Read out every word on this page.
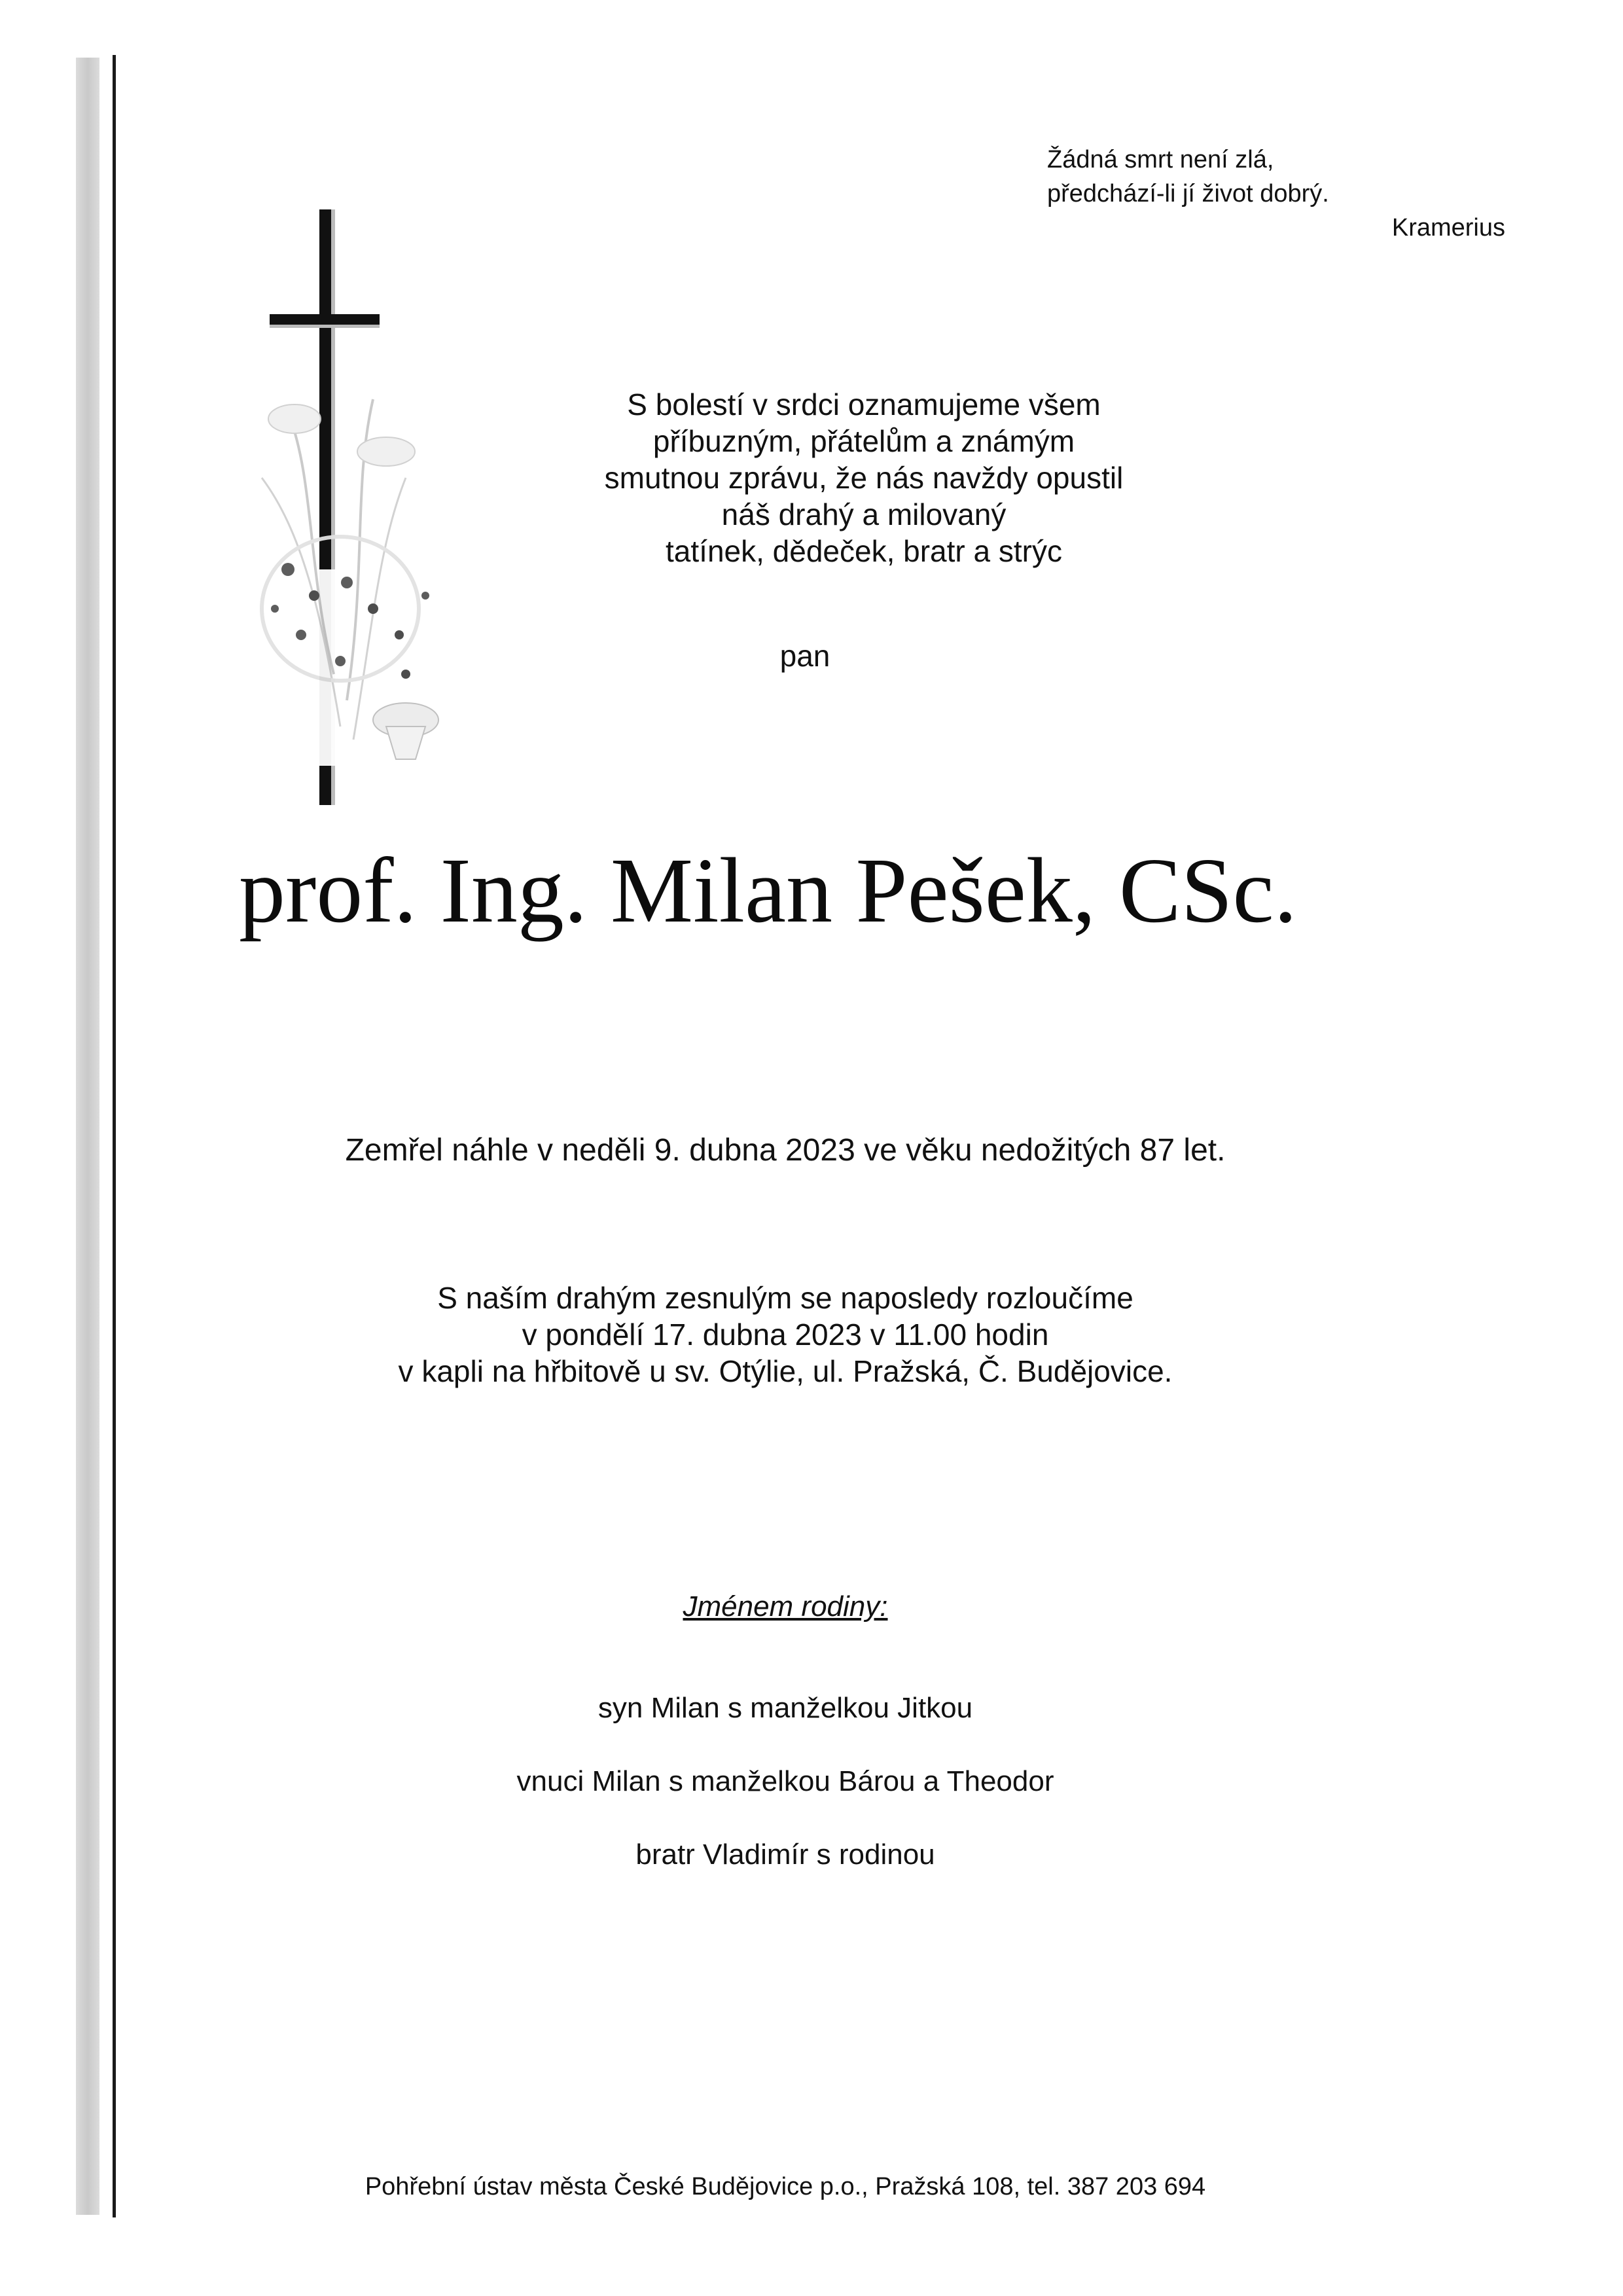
Žádná smrt není zlá,
předchází-li jí život dobrý.
Kramerius
S bolestí v srdci oznamujeme všem
příbuzným, přátelům a známým
smutnou zprávu, že nás navždy opustil
náš drahý a milovaný
tatínek, dědeček, bratr a strýc
pan
prof. Ing. Milan Pešek, CSc.
Zemřel náhle v neděli 9. dubna 2023 ve věku nedožitých 87 let.
S naším drahým zesnulým se naposledy rozloučíme
v pondělí 17. dubna 2023 v 11.00 hodin
v kapli na hřbitově u sv. Otýlie, ul. Pražská, Č. Budějovice.
Jménem rodiny:
syn Milan s manželkou Jitkou
vnuci Milan s manželkou Bárou a Theodor
bratr Vladimír s rodinou
Pohřební ústav města České Budějovice p.o., Pražská 108, tel. 387 203 694
